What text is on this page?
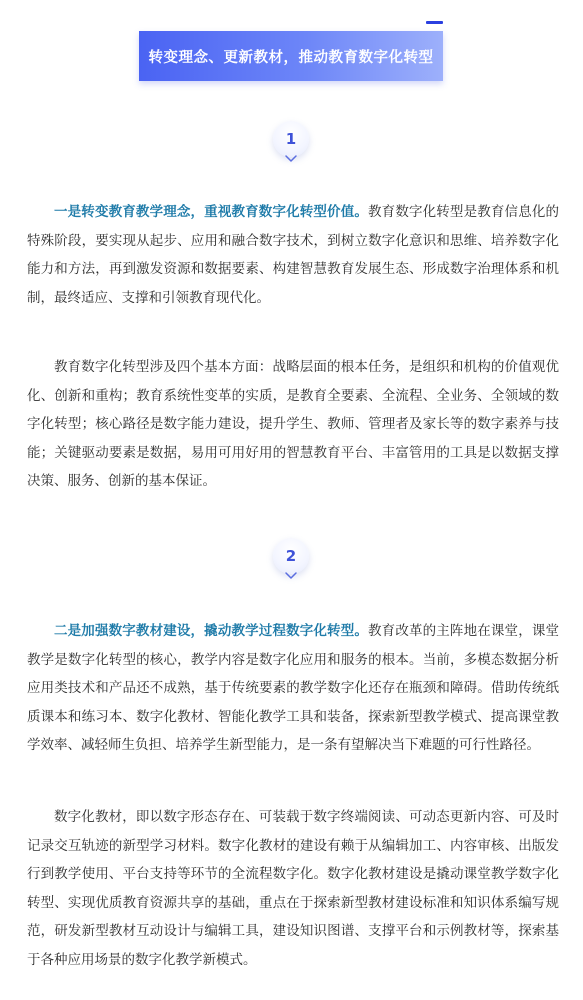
转变理念、更新教材，推动教育数字化转型
1

一是转变教育教学理念，重视教育数字化转型价值。教育数字化转型是教育信息化的特殊阶段，要实现从起步、应用和融合数字技术，到树立数字化意识和思维、培养数字化能力和方法，再到激发资源和数据要素、构建智慧教育发展生态、形成数字治理体系和机制，最终适应、支撑和引领教育现代化。

教育数字化转型涉及四个基本方面：战略层面的根本任务，是组织和机构的价值观优化、创新和重构；教育系统性变革的实质，是教育全要素、全流程、全业务、全领域的数字化转型；核心路径是数字能力建设，提升学生、教师、管理者及家长等的数字素养与技能；关键驱动要素是数据，易用可用好用的智慧教育平台、丰富管用的工具是以数据支撑决策、服务、创新的基本保证。

2

二是加强数字教材建设，撬动教学过程数字化转型。教育改革的主阵地在课堂，课堂教学是数字化转型的核心，教学内容是数字化应用和服务的根本。当前，多模态数据分析应用类技术和产品还不成熟，基于传统要素的教学数字化还存在瓶颈和障碍。借助传统纸质课本和练习本、数字化教材、智能化教学工具和装备，探索新型教学模式、提高课堂教学效率、减轻师生负担、培养学生新型能力，是一条有望解决当下难题的可行性路径。

数字化教材，即以数字形态存在、可装载于数字终端阅读、可动态更新内容、可及时记录交互轨迹的新型学习材料。数字化教材的建设有赖于从编辑加工、内容审核、出版发行到教学使用、平台支持等环节的全流程数字化。数字化教材建设是撬动课堂教学数字化转型、实现优质教育资源共享的基础，重点在于探索新型教材建设标准和知识体系编写规范，研发新型教材互动设计与编辑工具，建设知识图谱、支撑平台和示例教材等，探索基于各种应用场景的数字化教学新模式。
